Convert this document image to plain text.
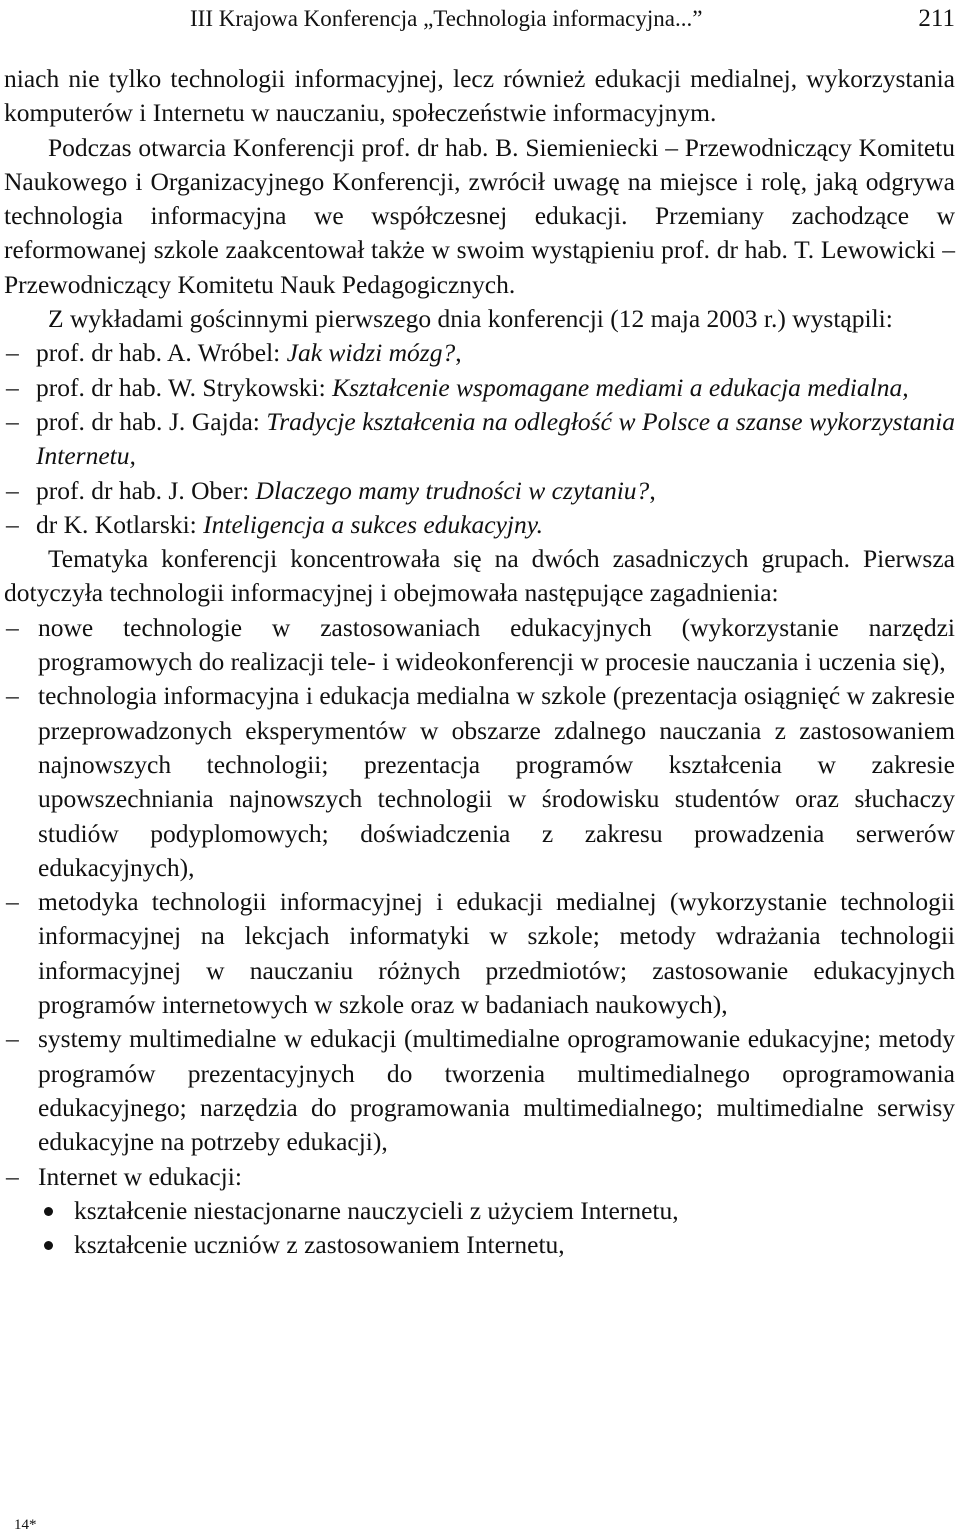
III Krajowa Konferencja „Technologia informacyjna...”	211

niach nie tylko technologii informacyjnej, lecz również edukacji medialnej, wykorzystania komputerów i Internetu w nauczaniu, społeczeństwie informacyjnym.

Podczas otwarcia Konferencji prof. dr hab. B. Siemieniecki – Przewodniczący Komitetu Naukowego i Organizacyjnego Konferencji, zwrócił uwagę na miejsce i rolę, jaką odgrywa technologia informacyjna we współczesnej edukacji. Przemiany zachodzące w reformowanej szkole zaakcentował także w swoim wystąpieniu prof. dr hab. T. Lewowicki – Przewodniczący Komitetu Nauk Pedagogicznych.

Z wykładami gościnnymi pierwszego dnia konferencji (12 maja 2003 r.) wystąpili:

– prof. dr hab. A. Wróbel: Jak widzi mózg?,
– prof. dr hab. W. Strykowski: Kształcenie wspomagane mediami a edukacja medialna,
– prof. dr hab. J. Gajda: Tradycje kształcenia na odległość w Polsce a szanse wykorzystania Internetu,
– prof. dr hab. J. Ober: Dlaczego mamy trudności w czytaniu?,
– dr K. Kotlarski: Inteligencja a sukces edukacyjny.

Tematyka konferencji koncentrowała się na dwóch zasadniczych grupach. Pierwsza dotyczyła technologii informacyjnej i obejmowała następujące zagadnienia:

– nowe technologie w zastosowaniach edukacyjnych (wykorzystanie narzędzi programowych do realizacji tele- i wideokonferencji w procesie nauczania i uczenia się),
– technologia informacyjna i edukacja medialna w szkole (prezentacja osiągnięć w zakresie przeprowadzonych eksperymentów w obszarze zdalnego nauczania z zastosowaniem najnowszych technologii; prezentacja programów kształcenia w zakresie upowszechniania najnowszych technologii w środowisku studentów oraz słuchaczy studiów podyplomowych; doświadczenia z zakresu prowadzenia serwerów edukacyjnych),
– metodyka technologii informacyjnej i edukacji medialnej (wykorzystanie technologii informacyjnej na lekcjach informatyki w szkole; metody wdrażania technologii informacyjnej w nauczaniu różnych przedmiotów; zastosowanie edukacyjnych programów internetowych w szkole oraz w badaniach naukowych),
– systemy multimedialne w edukacji (multimedialne oprogramowanie edukacyjne; metody programów prezentacyjnych do tworzenia multimedialnego oprogramowania edukacyjnego; narzędzia do programowania multimedialnego; multimedialne serwisy edukacyjne na potrzeby edukacji),
– Internet w edukacji:
kształcenie niestacjonarne nauczycieli z użyciem Internetu,
kształcenie uczniów z zastosowaniem Internetu,
14*
